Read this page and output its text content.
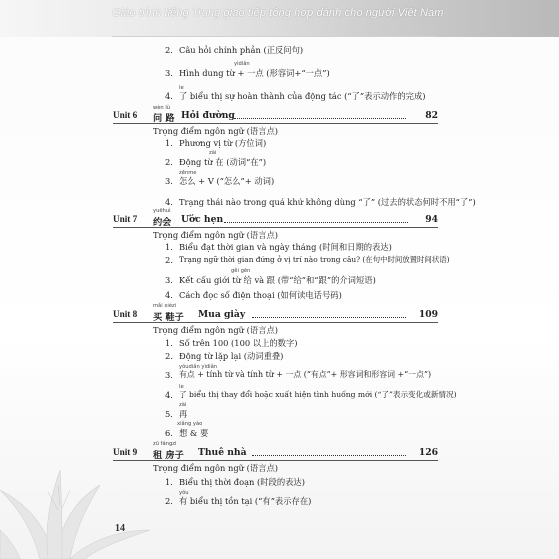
Giáo trình tiếng Trung giao tiếp tổng hợp dành cho người Việt Nam
2. Câu hỏi chính phản (正反问句)
yìdiǎn
3. Hình dung từ + 一点 (形容词+“一点”)
le
4. 了 biểu thị sự hoàn thành của động tác (“了”表示动作的完成)
wèn lù
Unit 6 问 路 Hỏi đường	82
Trọng điểm ngôn ngữ (语言点)
1. Phương vị từ (方位词)
zài
2. Động từ 在 (动词“在”)
zěnme
3. 怎么 + V (“怎么”+ 动词)
4. Trạng thái nào trong quá khứ không dùng “了” (过去的状态何时不用“了”)
yuēhuì
Unit 7 约会 Ước hẹn	94
Trọng điểm ngôn ngữ (语言点)
1. Biểu đạt thời gian và ngày tháng (时间和日期的表达)
2. Trạng ngữ thời gian đứng ở vị trí nào trong câu? (在句中时间放置时间状语)
gěi gēn
3. Kết cấu giới từ 给 và 跟 (带“给”和“跟”的介词短语)
4. Cách đọc số điện thoại (如何读电话号码)
mǎi xiézi
Unit 8 买 鞋子 Mua giày	109
Trọng điểm ngôn ngữ (语言点)
1. Số trên 100 (100 以上的数字)
2. Động từ lặp lại (动词重叠)
yǒudiǎn yìdiǎn
3. 有点 + tính từ và tính từ + 一点 (“有点”+ 形容词和形容词 +“一点”)
le
4. 了 biểu thị thay đổi hoặc xuất hiện tình huống mới (“了”表示变化或新情况)
zài
5. 再
xiǎng yào
6. 想 & 要
zū fángzi
Unit 9 租 房子 Thuê nhà	126
Trọng điểm ngôn ngữ (语言点)
1. Biểu thị thời đoạn (时段的表达)
yǒu
2. 有 biểu thị tồn tại (“有”表示存在)
14
